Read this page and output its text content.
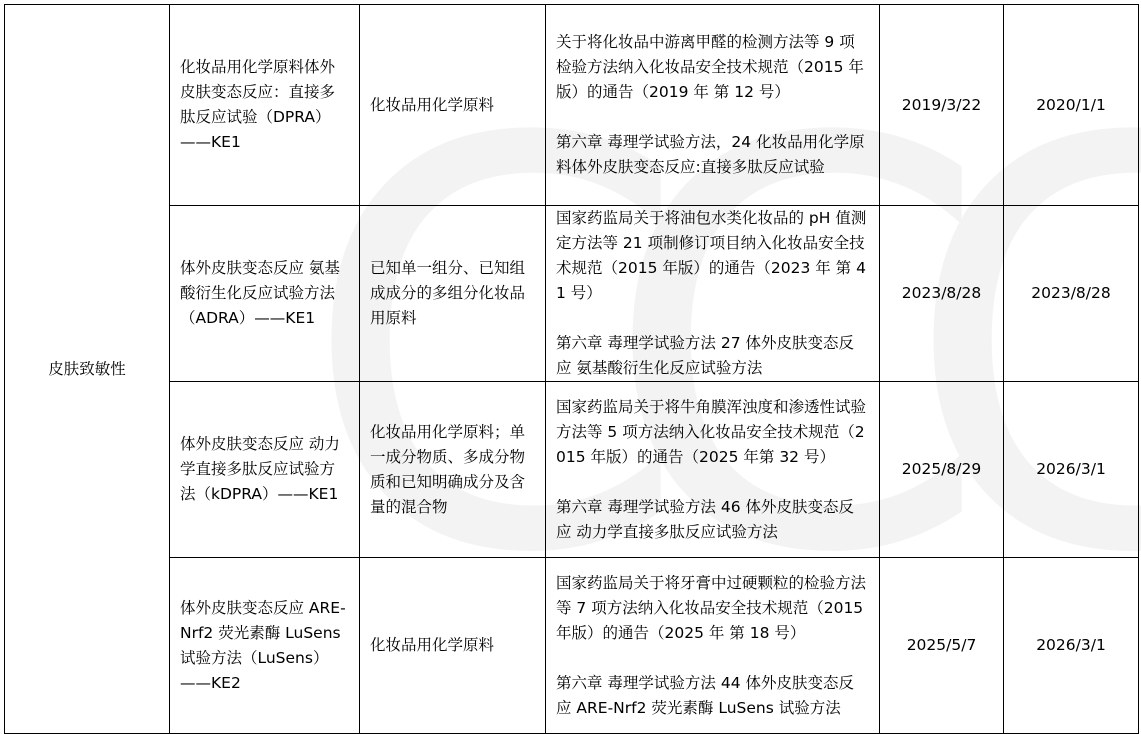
皮肤致敏性	化妆品用化学原料体外皮肤变态反应：直接多肽反应试验（DPRA）——KE1	化妆品用化学原料	关于将化妆品中游离甲醛的检测方法等 9 项检验方法纳入化妆品安全技术规范（2015 年版）的通告（2019 年 第 12 号）
第六章 毒理学试验方法，24 化妆品用化学原料体外皮肤变态反应:直接多肽反应试验	2019/3/22	2020/1/1
	体外皮肤变态反应 氨基酸衍生化反应试验方法（ADRA）——KE1	已知单一组分、已知组成成分的多组分化妆品用原料	国家药监局关于将油包水类化妆品的 pH 值测定方法等 21 项制修订项目纳入化妆品安全技术规范（2015 年版）的通告（2023 年 第 41 号）
第六章 毒理学试验方法 27 体外皮肤变态反应 氨基酸衍生化反应试验方法	2023/8/28	2023/8/28
	体外皮肤变态反应 动力学直接多肽反应试验方法（kDPRA）——KE1	化妆品用化学原料；单一成分物质、多成分物质和已知明确成分及含量的混合物	国家药监局关于将牛角膜浑浊度和渗透性试验方法等 5 项方法纳入化妆品安全技术规范（2015 年版）的通告（2025 年第 32 号）
第六章 毒理学试验方法 46 体外皮肤变态反应 动力学直接多肽反应试验方法	2025/8/29	2026/3/1
	体外皮肤变态反应 ARE-Nrf2 荧光素酶 LuSens 试验方法（LuSens）——KE2	化妆品用化学原料	国家药监局关于将牙膏中过硬颗粒的检验方法等 7 项方法纳入化妆品安全技术规范（2015 年版）的通告（2025 年 第 18 号）
第六章 毒理学试验方法 44 体外皮肤变态反应 ARE-Nrf2 荧光素酶 LuSens 试验方法	2025/5/7	2026/3/1
